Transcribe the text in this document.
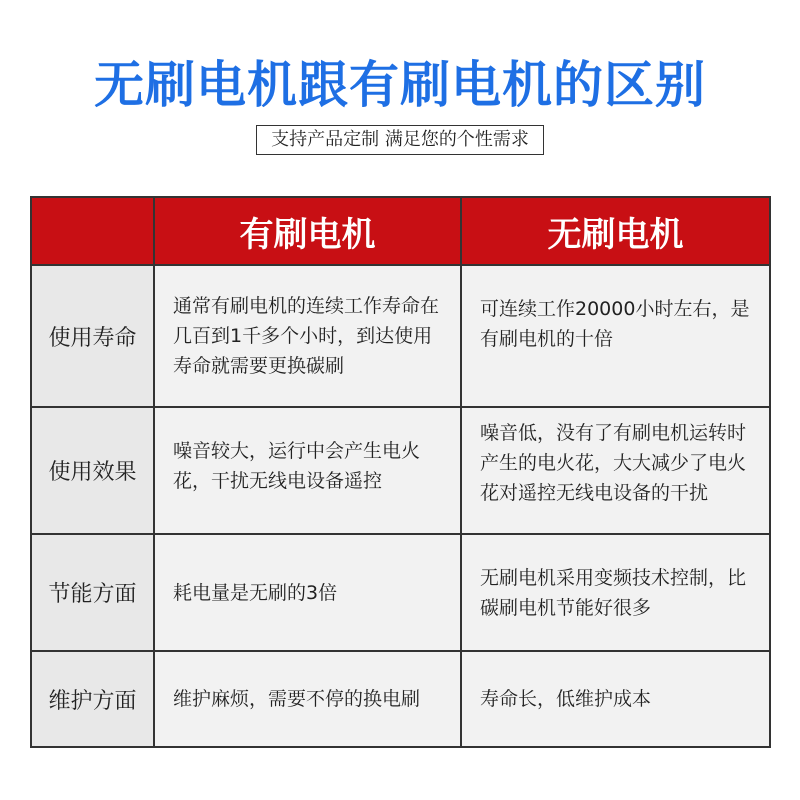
无刷电机跟有刷电机的区别
支持产品定制 满足您的个性需求
	有刷电机	无刷电机
使用寿命	通常有刷电机的连续工作寿命在几百到1千多个小时，到达使用寿命就需要更换碳刷	可连续工作20000小时左右，是有刷电机的十倍
使用效果	噪音较大，运行中会产生电火花，干扰无线电设备遥控	噪音低，没有了有刷电机运转时产生的电火花，大大减少了电火花对遥控无线电设备的干扰
节能方面	耗电量是无刷的3倍	无刷电机采用变频技术控制，比碳刷电机节能好很多
维护方面	维护麻烦，需要不停的换电刷	寿命长，低维护成本
